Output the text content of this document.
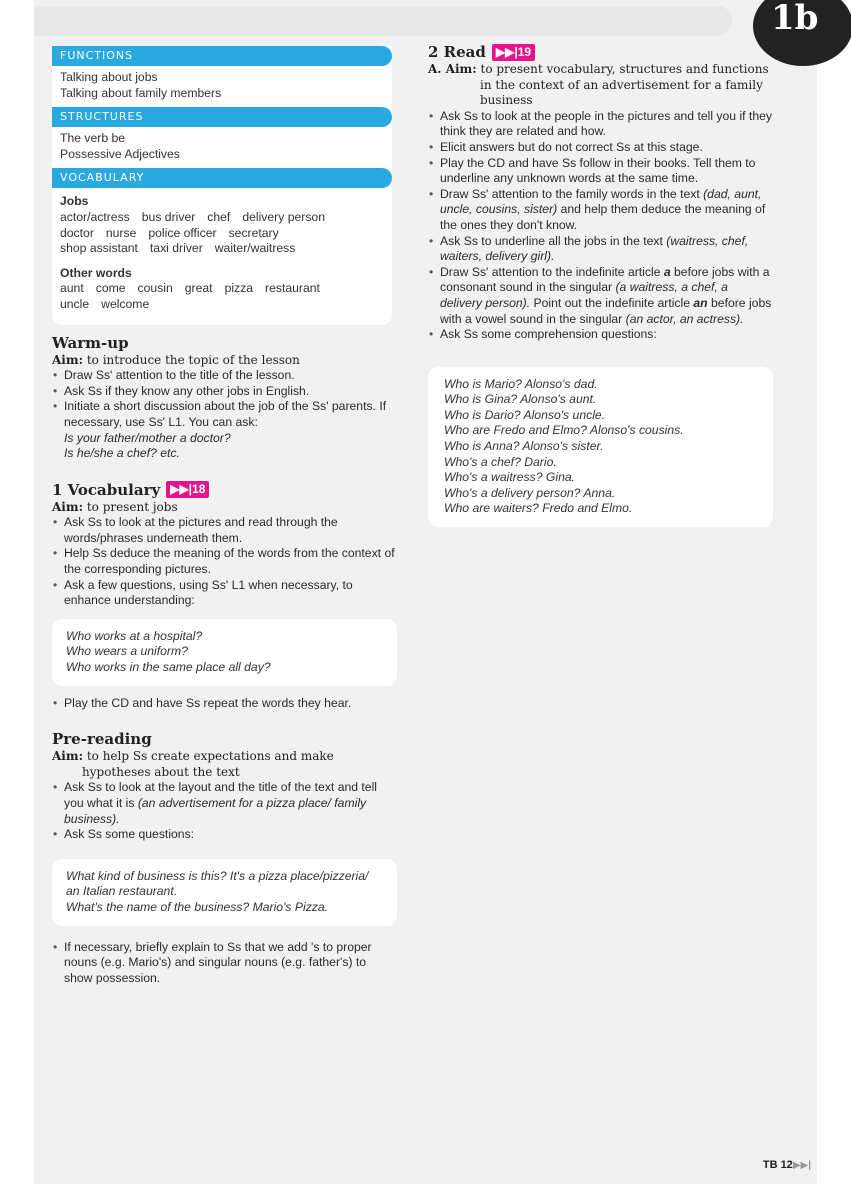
1b
FUNCTIONS
Talking about jobs
Talking about family members
STRUCTURES
The verb be
Possessive Adjectives
VOCABULARY
Jobs
actor/actress bus driver chef delivery person
doctor nurse police officer secretary
shop assistant taxi driver waiter/waitress
Other words
aunt come cousin great pizza restaurant
uncle welcome
Warm-up
Aim: to introduce the topic of the lesson
• Draw Ss' attention to the title of the lesson.
• Ask Ss if they know any other jobs in English.
• Initiate a short discussion about the job of the Ss' parents. If necessary, use Ss' L1. You can ask:
Is your father/mother a doctor?
Is he/she a chef? etc.
1 Vocabulary ▶▶|18
Aim: to present jobs
• Ask Ss to look at the pictures and read through the words/phrases underneath them.
• Help Ss deduce the meaning of the words from the context of the corresponding pictures.
• Ask a few questions, using Ss' L1 when necessary, to enhance understanding:
Who works at a hospital?
Who wears a uniform?
Who works in the same place all day?
• Play the CD and have Ss repeat the words they hear.
Pre-reading
Aim: to help Ss create expectations and make
hypotheses about the text
• Ask Ss to look at the layout and the title of the text and tell you what it is (an advertisement for a pizza place/ family business).
• Ask Ss some questions:
What kind of business is this? It's a pizza place/pizzeria/ an Italian restaurant.
What's the name of the business? Mario's Pizza.
• If necessary, briefly explain to Ss that we add 's to proper nouns (e.g. Mario's) and singular nouns (e.g. father's) to show possession.
2 Read ▶▶|19
A. Aim: to present vocabulary, structures and functions
in the context of an advertisement for a family
business
• Ask Ss to look at the people in the pictures and tell you if they think they are related and how.
• Elicit answers but do not correct Ss at this stage.
• Play the CD and have Ss follow in their books. Tell them to underline any unknown words at the same time.
• Draw Ss' attention to the family words in the text (dad, aunt, uncle, cousins, sister) and help them deduce the meaning of the ones they don't know.
• Ask Ss to underline all the jobs in the text (waitress, chef, waiters, delivery girl).
• Draw Ss' attention to the indefinite article a before jobs with a consonant sound in the singular (a waitress, a chef, a delivery person). Point out the indefinite article an before jobs with a vowel sound in the singular (an actor, an actress).
• Ask Ss some comprehension questions:
Who is Mario? Alonso's dad.
Who is Gina? Alonso's aunt.
Who is Dario? Alonso's uncle.
Who are Fredo and Elmo? Alonso's cousins.
Who is Anna? Alonso's sister.
Who's a chef? Dario.
Who's a waitress? Gina.
Who's a delivery person? Anna.
Who are waiters? Fredo and Elmo.
TB 12▶▶|
